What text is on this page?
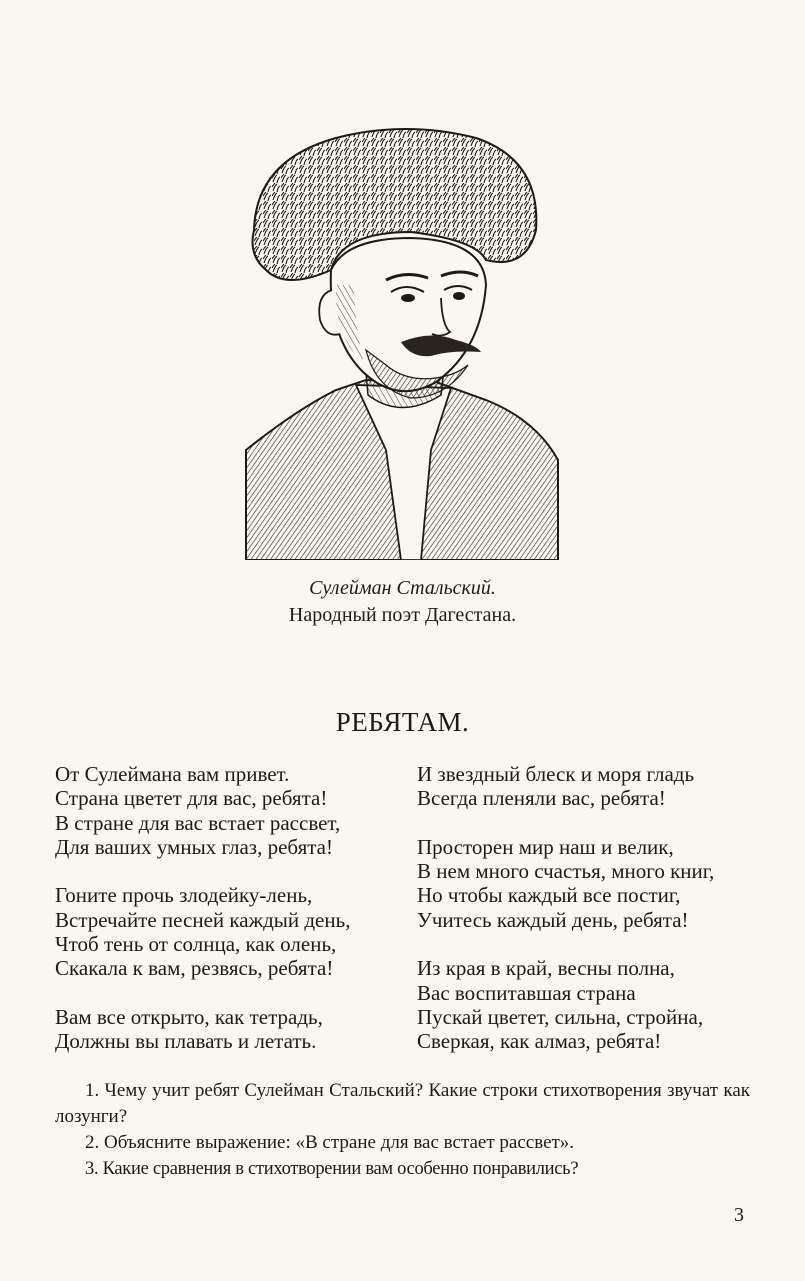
Сулейман Стальский.
Народный поэт Дагестана.
РЕБЯТАМ.
От Сулеймана вам привет.
Страна цветет для вас, ребята!
В стране для вас встает рассвет,
Для ваших умных глаз, ребята!
Гоните прочь злодейку-лень,
Встречайте песней каждый день,
Чтоб тень от солнца, как олень,
Скакала к вам, резвясь, ребята!
Вам все открыто, как тетрадь,
Должны вы плавать и летать.
И звездный блеск и моря гладь
Всегда пленяли вас, ребята!
Просторен мир наш и велик,
В нем много счастья, много книг,
Но чтобы каждый все постиг,
Учитесь каждый день, ребята!
Из края в край, весны полна,
Вас воспитавшая страна
Пускай цветет, сильна, стройна,
Сверкая, как алмаз, ребята!

1. Чему учит ребят Сулейман Стальский? Какие строки стихотворения звучат как лозунги?

2. Объясните выражение: «В стране для вас встает рассвет».

3. Какие сравнения в стихотворении вам особенно понравились?

3
